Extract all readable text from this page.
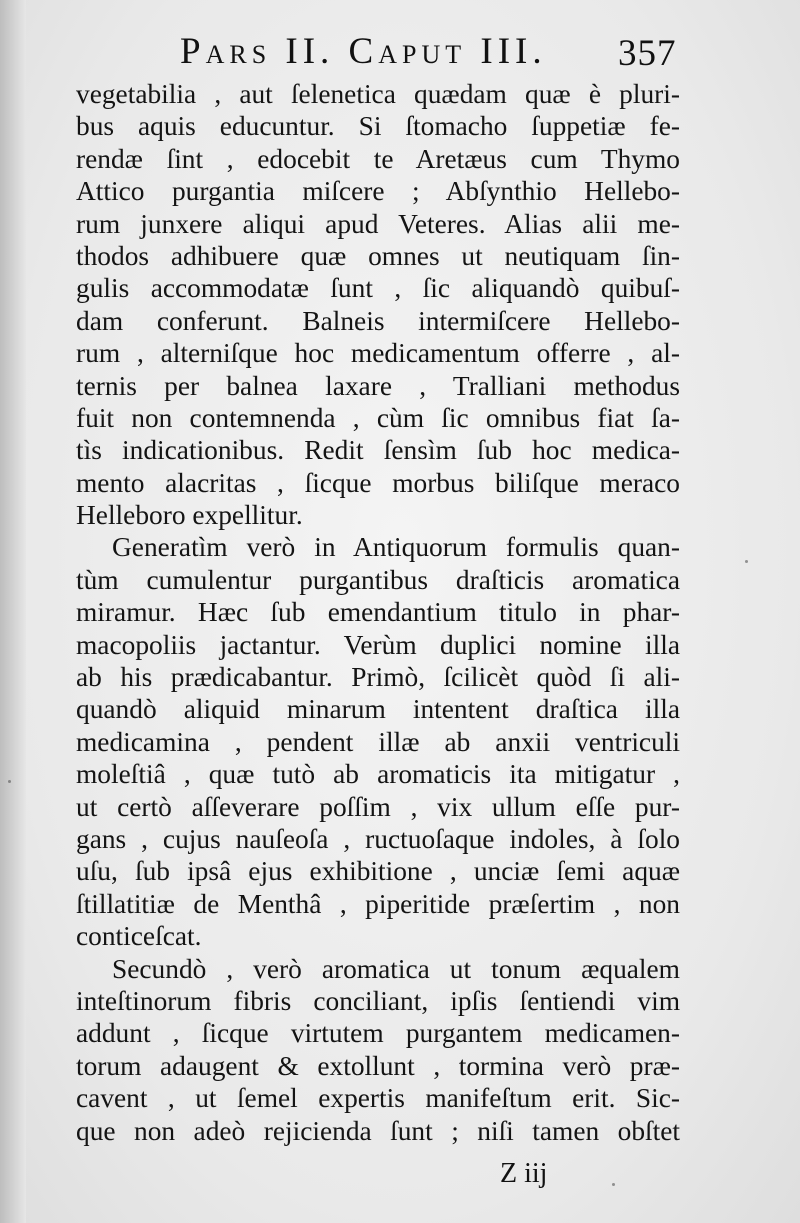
Pars II. Caput III. 357
vegetabilia , aut ſelenetica quædam quæ è pluri-
bus aquis educuntur. Si ſtomacho ſuppetiæ fe-
rendæ ſint , edocebit te Aretæus cum Thymo
Attico purgantia miſcere ; Abſynthio Hellebo-
rum junxere aliqui apud Veteres. Alias alii me-
thodos adhibuere quæ omnes ut neutiquam ſin-
gulis accommodatæ ſunt , ſic aliquandò quibuſ-
dam conferunt. Balneis intermiſcere Hellebo-
rum , alterniſque hoc medicamentum offerre , al-
ternis per balnea laxare , Tralliani methodus
fuit non contemnenda , cùm ſic omnibus fiat ſa-
tìs indicationibus. Redit ſensìm ſub hoc medica-
mento alacritas , ſicque morbus biliſque meraco
Helleboro expellitur.
Generatìm verò in Antiquorum formulis quan-
tùm cumulentur purgantibus draſticis aromatica
miramur. Hæc ſub emendantium titulo in phar-
macopoliis jactantur. Verùm duplici nomine illa
ab his prædicabantur. Primò, ſcilicèt quòd ſi ali-
quandò aliquid minarum intentent draſtica illa
medicamina , pendent illæ ab anxii ventriculi
moleſtiâ , quæ tutò ab aromaticis ita mitigatur ,
ut certò aſſeverare poſſim , vix ullum eſſe pur-
gans , cujus nauſeoſa , ructuoſaque indoles, à ſolo
uſu, ſub ipsâ ejus exhibitione , unciæ ſemi aquæ
ſtillatitiæ de Menthâ , piperitide præſertim , non
conticeſcat.
Secundò , verò aromatica ut tonum æqualem
inteſtinorum fibris conciliant, ipſis ſentiendi vim
addunt , ſicque virtutem purgantem medicamen-
torum adaugent & extollunt , tormina verò præ-
cavent , ut ſemel expertis manifeſtum erit. Sic-
que non adeò rejicienda ſunt ; niſi tamen obſtet
Z iij
